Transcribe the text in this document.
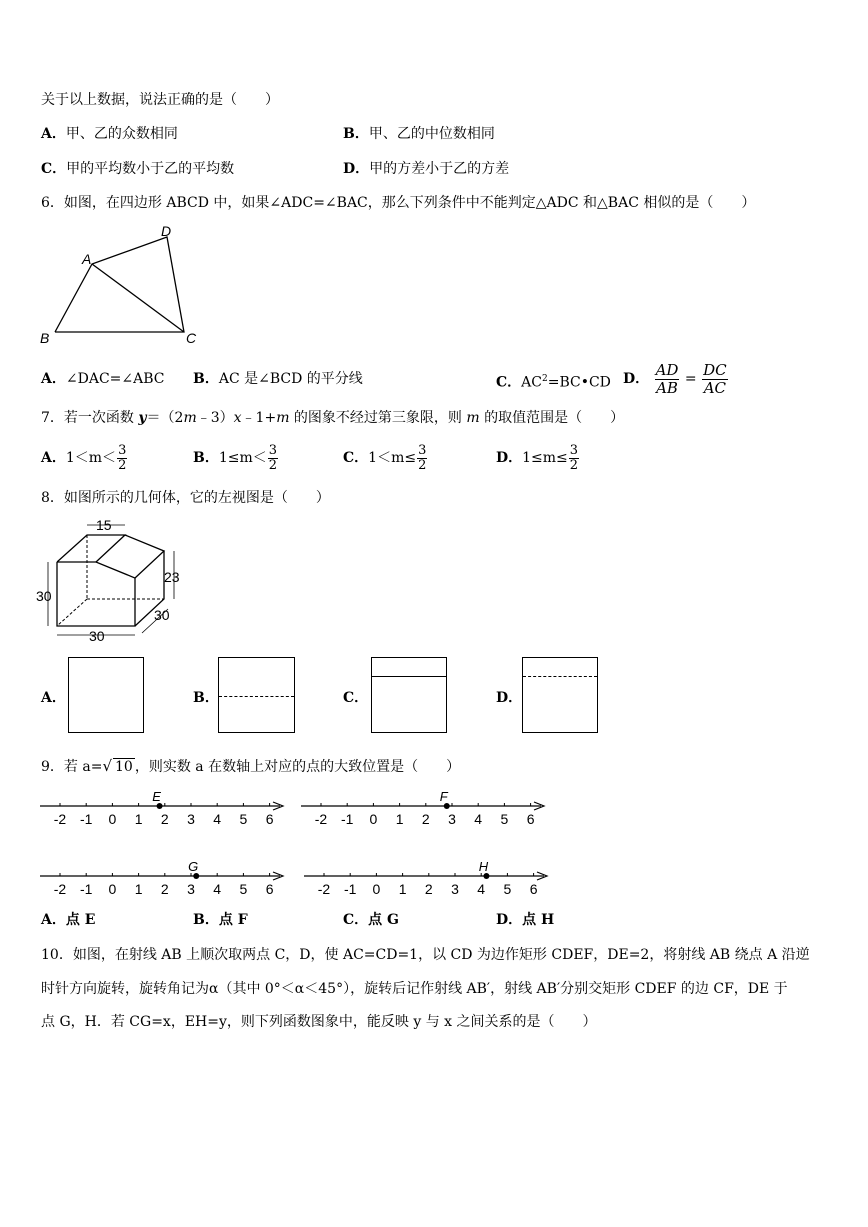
关于以上数据，说法正确的是（　　）
A．甲、乙的众数相同	B．甲、乙的中位数相同
C．甲的平均数小于乙的平均数	D．甲的方差小于乙的方差
6．如图，在四边形 ABCD 中，如果∠ADC=∠BAC，那么下列条件中不能判定△ADC 和△BAC 相似的是（　　）
A
D
B	C
A．∠DAC=∠ABC B．AC 是∠BCD 的平分线	C．$AC^2=BC•CD$ D． $\frac{AD}{AB} = \frac{DC}{AC}$
7．若一次函数 y＝（2m﹣3）x﹣1+m 的图象不经过第三象限，则 m 的取值范围是（　　）
A．$1<m< \frac{3}{2}$	B．$1\le m< \frac{3}{2}$	C．$1<m\le \frac{3}{2}$	D．$1\le m\le \frac{3}{2}$
8．如图所示的几何体，它的左视图是（　　）
15
30
23
30
30
A．	B．	C．	D．
9．若 a=√ 10 ，则实数 a 在数轴上对应的点的大致位置是（　　）
-2 -1 0 1 2 3 4 5 6
E
-2 -1 0 1 2 3 4 5 6
F
-2 -1 0 1 2 3 4 5 6
G
-2 -1 0 1 2 3 4 5 6
H
A．点 E	B．点 F	C．点 G	D．点 H
10．如图，在射线 AB 上顺次取两点 C，D，使 AC=CD=1，以 CD 为边作矩形 CDEF，DE=2，将射线 AB 绕点 A 沿逆
时针方向旋转，旋转角记为α（其中 0°＜α＜45°），旋转后记作射线 AB′，射线 AB′分别交矩形 CDEF 的边 CF，DE 于
点 G，H．若 CG=x，EH=y，则下列函数图象中，能反映 y 与 x 之间关系的是（　　）
